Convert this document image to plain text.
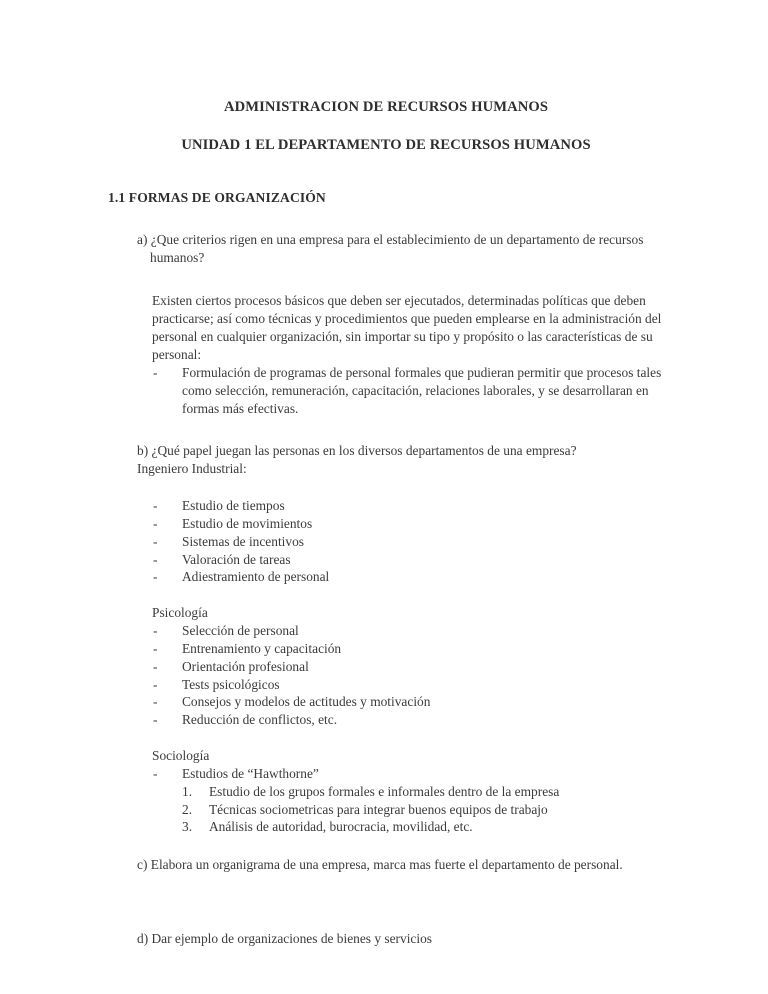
ADMINISTRACION DE RECURSOS HUMANOS
UNIDAD 1 EL DEPARTAMENTO DE RECURSOS HUMANOS
1.1 FORMAS DE ORGANIZACIÓN

a) ¿Que criterios rigen en una empresa para el establecimiento de un departamento de recursos humanos?

Existen ciertos procesos básicos que deben ser ejecutados, determinadas políticas que deben practicarse; así como técnicas y procedimientos que pueden emplearse en la administración del personal en cualquier organización, sin importar su tipo y propósito o las características de su personal:

- Formulación de programas de personal formales que pudieran permitir que procesos tales como selección, remuneración, capacitación, relaciones laborales, y se desarrollaran en formas más efectivas.

b) ¿Qué papel juegan las personas en los diversos departamentos de una empresa?

Ingeniero Industrial:

- Estudio de tiempos
- Estudio de movimientos
- Sistemas de incentivos
- Valoración de tareas
- Adiestramiento de personal

Psicología

- Selección de personal
- Entrenamiento y capacitación
- Orientación profesional
- Tests psicológicos
- Consejos y modelos de actitudes y motivación
- Reducción de conflictos, etc.

Sociología

- Estudios de “Hawthorne”
1. Estudio de los grupos formales e informales dentro de la empresa
2. Técnicas sociometricas para integrar buenos equipos de trabajo
3. Análisis de autoridad, burocracia, movilidad, etc.

c) Elabora un organigrama de una empresa, marca mas fuerte el departamento de personal.

d) Dar ejemplo de organizaciones de bienes y servicios
